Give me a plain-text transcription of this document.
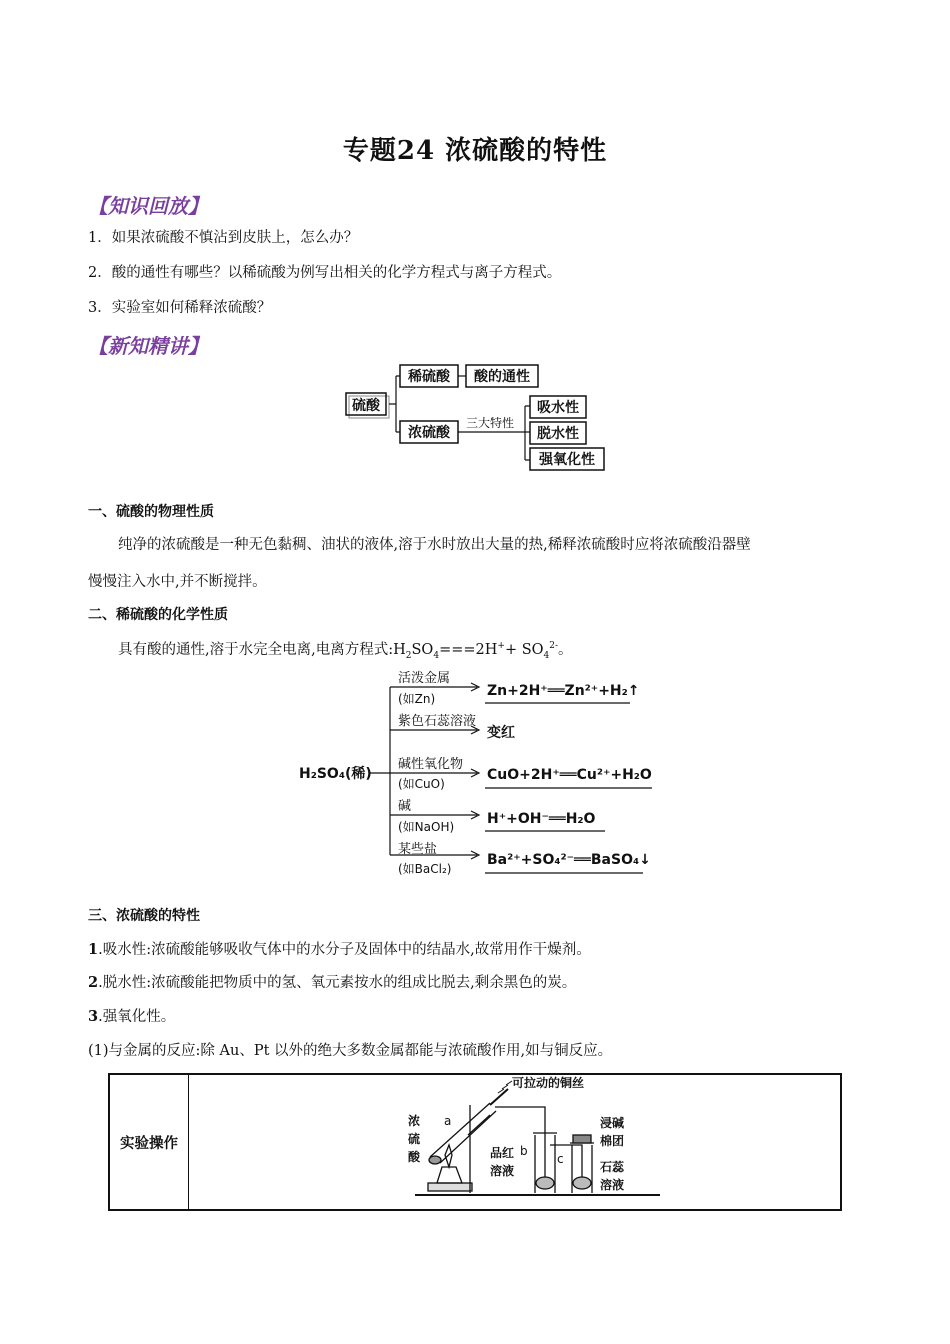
专题24 浓硫酸的特性
【知识回放】
1．如果浓硫酸不慎沾到皮肤上，怎么办？
2．酸的通性有哪些？以稀硫酸为例写出相关的化学方程式与离子方程式。
3．实验室如何稀释浓硫酸？
【新知精讲】
硫酸
稀硫酸 酸的通性
浓硫酸
三大特性
吸水性
脱水性
强氧化性
一、硫酸的物理性质
纯净的浓硫酸是一种无色黏稠、油状的液体,溶于水时放出大量的热,稀释浓硫酸时应将浓硫酸沿器壁
慢慢注入水中,并不断搅拌。
二、稀硫酸的化学性质
具有酸的通性,溶于水完全电离,电离方程式$:H_2SO_4===2H^++ SO_4^{2-}$。
H₂SO₄(稀)
活泼金属
(如Zn)	Zn+2H⁺══Zn²⁺+H₂↑
紫色石蕊溶液
变红
碱性氧化物
(如CuO)
CuO+2H⁺══Cu²⁺+H₂O
碱
(如NaOH) H⁺+OH⁻══H₂O
某些盐
(如BaCl₂)
Ba²⁺+SO₄²⁻══BaSO₄↓
三、浓硫酸的特性
1.吸水性:浓硫酸能够吸收气体中的水分子及固体中的结晶水,故常用作干燥剂。
2.脱水性:浓硫酸能把物质中的氢、氧元素按水的组成比脱去,剩余黑色的炭。
3.强氧化性。
(1)与金属的反应:除 Au、Pt 以外的绝大多数金属都能与浓硫酸作用,如与铜反应。
实验操作
可拉动的铜丝
浓
硫
酸
a
品红
溶液
b
c
浸碱
棉团
石蕊
溶液
